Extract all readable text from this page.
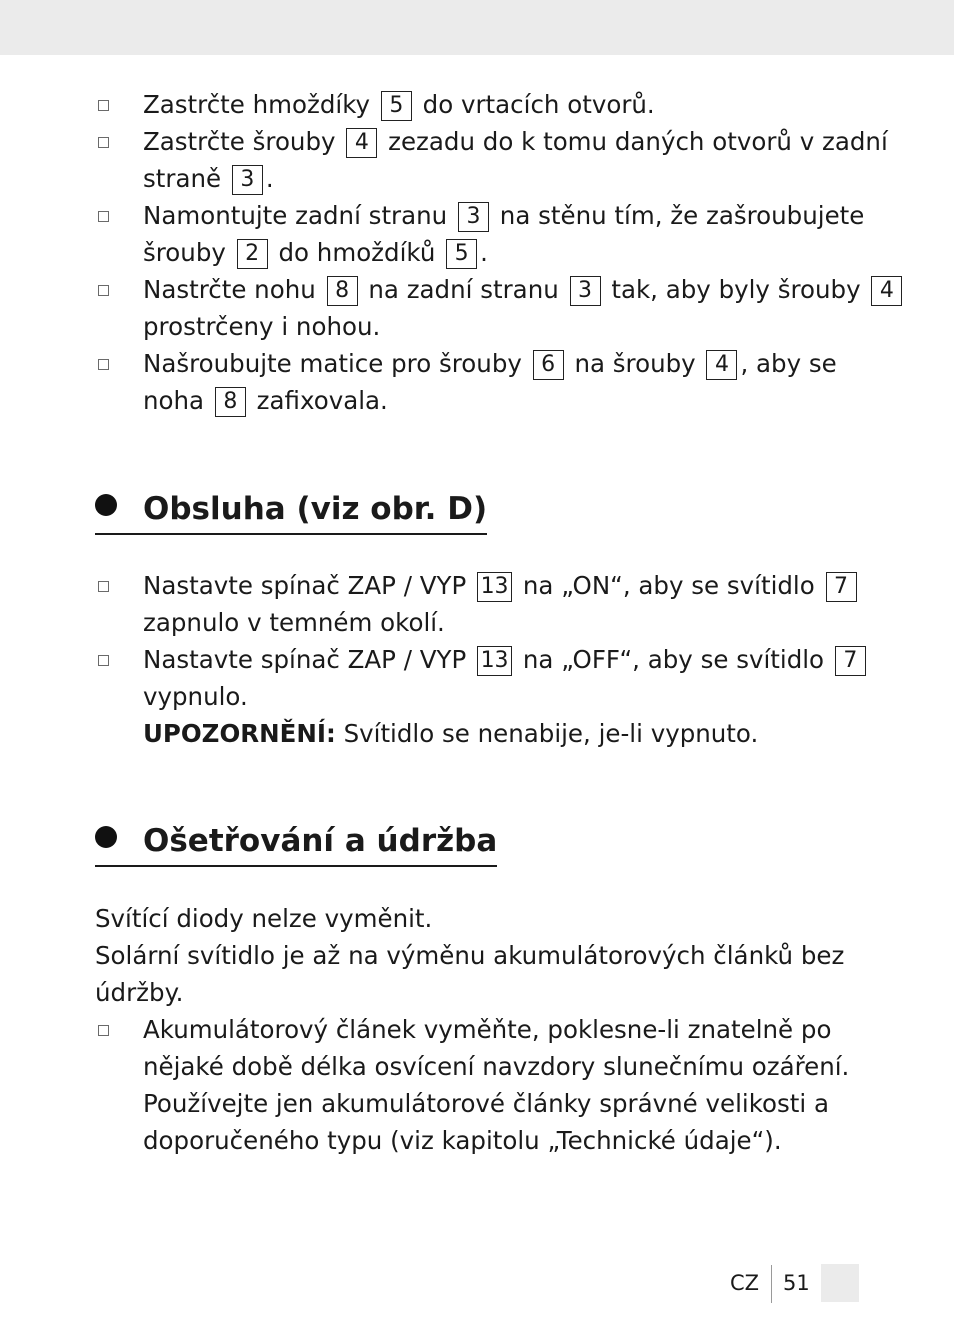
Zastrčte hmoždíky 5 do vrtacích otvorů.
Zastrčte šrouby 4 zezadu do k tomu daných otvorů v zadní
straně 3 .
Namontujte zadní stranu 3 na stěnu tím, že zašroubujete
šrouby 2 do hmoždíků 5 .
Nastrčte nohu 8 na zadní stranu 3 tak, aby byly šrouby 4
prostrčeny i nohou.
Našroubujte matice pro šrouby 6 na šrouby 4 , aby se
noha 8 zafixovala.
Obsluha (viz obr. D)
Nastavte spínač ZAP / VYP 13 na „ON“, aby se svítidlo 7
zapnulo v temném okolí.
Nastavte spínač ZAP / VYP 13 na „OFF“, aby se svítidlo 7
vypnulo.
UPOZORNĚNÍ: Svítidlo se nenabije, je-li vypnuto.
Ošetřování a údržba
Svítící diody nelze vyměnit.
Solární svítidlo je až na výměnu akumulátorových článků bez
údržby.
Akumulátorový článek vyměňte, poklesne-li znatelně po
nějaké době délka osvícení navzdory slunečnímu ozáření.
Používejte jen akumulátorové články správné velikosti a
doporučeného typu (viz kapitolu „Technické údaje“).
CZ 51
